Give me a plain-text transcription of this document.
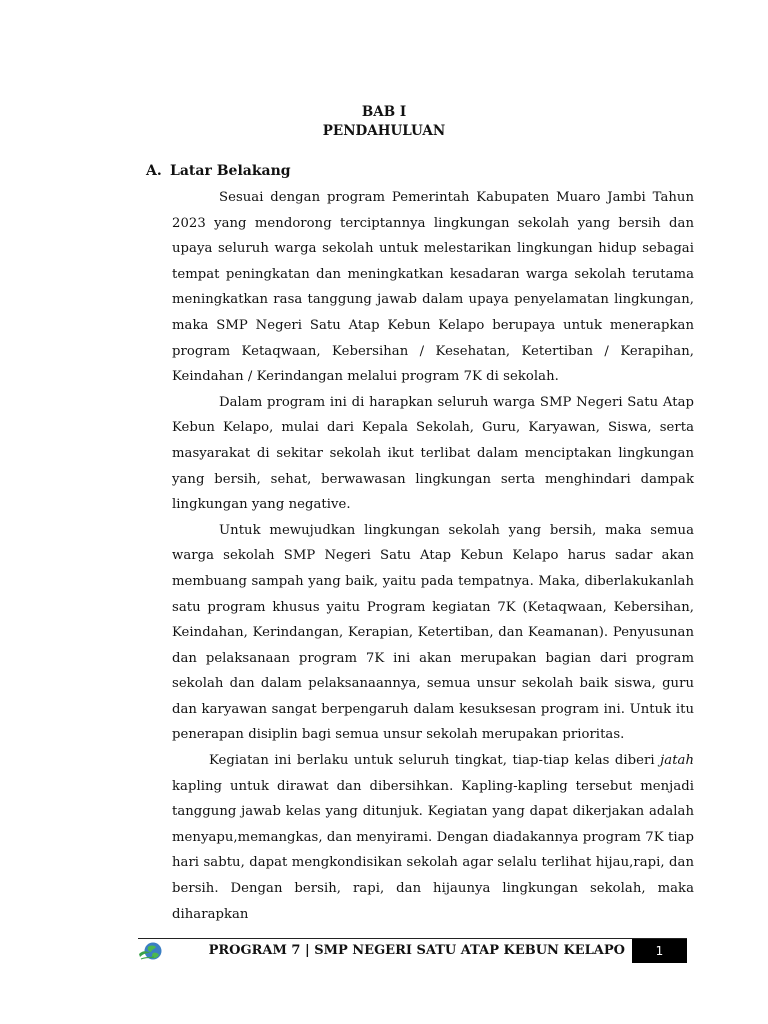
BAB I
PENDAHULUAN
A. Latar Belakang

Sesuai dengan program Pemerintah Kabupaten Muaro Jambi Tahun 2023 yang mendorong terciptannya lingkungan sekolah yang bersih dan upaya seluruh warga sekolah untuk melestarikan lingkungan hidup sebagai tempat peningkatan dan meningkatkan kesadaran warga sekolah terutama meningkatkan rasa tanggung jawab dalam upaya penyelamatan lingkungan, maka SMP Negeri Satu Atap Kebun Kelapo berupaya untuk menerapkan program Ketaqwaan, Kebersihan / Kesehatan, Ketertiban / Kerapihan, Keindahan / Kerindangan melalui program 7K di sekolah.

Dalam program ini di harapkan seluruh warga SMP Negeri Satu Atap Kebun Kelapo, mulai dari Kepala Sekolah, Guru, Karyawan, Siswa, serta masyarakat di sekitar sekolah ikut terlibat dalam menciptakan lingkungan yang bersih, sehat, berwawasan lingkungan serta menghindari dampak lingkungan yang negative.

Untuk mewujudkan lingkungan sekolah yang bersih, maka semua warga sekolah SMP Negeri Satu Atap Kebun Kelapo harus sadar akan membuang sampah yang baik, yaitu pada tempatnya. Maka, diberlakukanlah satu program khusus yaitu Program kegiatan 7K (Ketaqwaan, Kebersihan, Keindahan, Kerindangan, Kerapian, Ketertiban, dan Keamanan). Penyusunan dan pelaksanaan program 7K ini akan merupakan bagian dari program sekolah dan dalam pelaksanaannya, semua unsur sekolah baik siswa, guru dan karyawan sangat berpengaruh dalam kesuksesan program ini. Untuk itu penerapan disiplin bagi semua unsur sekolah merupakan prioritas.

Kegiatan ini berlaku untuk seluruh tingkat, tiap-tiap kelas diberi jatah kapling untuk dirawat dan dibersihkan. Kapling-kapling tersebut menjadi tanggung jawab kelas yang ditunjuk. Kegiatan yang dapat dikerjakan adalah menyapu,memangkas, dan menyirami. Dengan diadakannya program 7K tiap hari sabtu, dapat mengkondisikan sekolah agar selalu terlihat hijau,rapi, dan bersih. Dengan bersih, rapi, dan hijaunya lingkungan sekolah, maka diharapkan

PROGRAM 7 | SMP NEGERI SATU ATAP KEBUN KELAPO	1
